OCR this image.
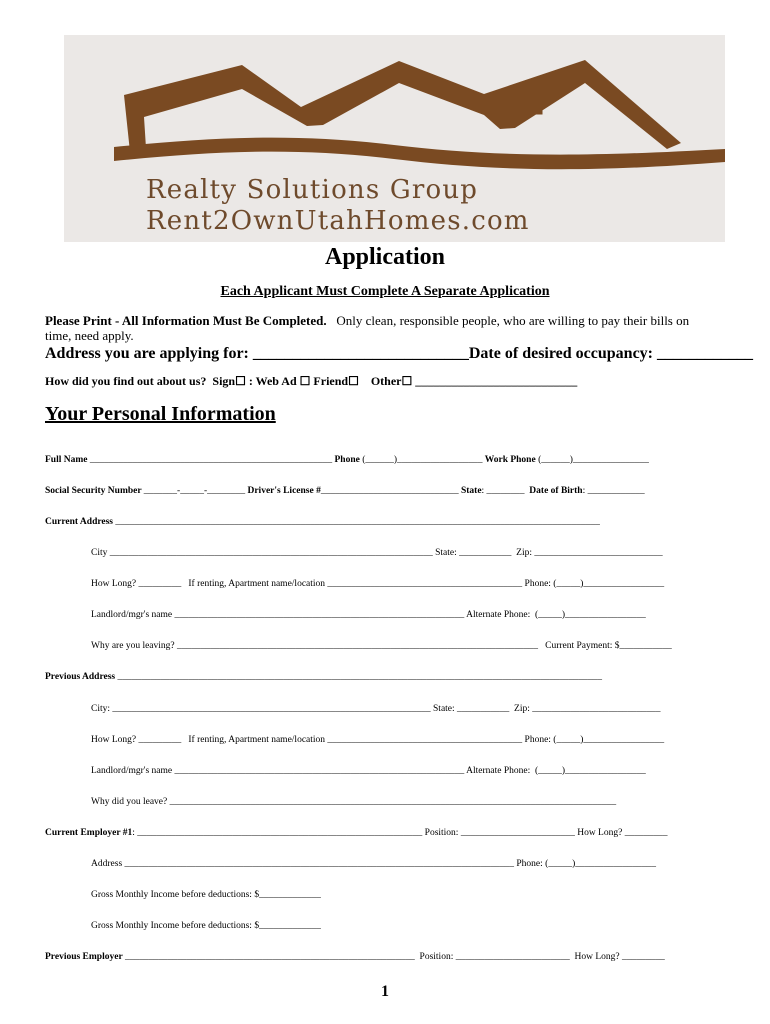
Realty Solutions Group
Rent2OwnUtahHomes.com
Application
Each Applicant Must Complete A Separate Application
Please Print - All Information Must Be Completed. Only clean, responsible people, who are willing to pay their bills on
time, need apply.
Address you are applying for: ___________________________Date of desired occupancy: ____________
How did you find out about us? Sign☐ : Web Ad ☐ Friend☐ Other☐ ___________________________
Your Personal Information
Full Name ___________________________________________________ Phone (______)__________________ Work Phone (______)________________
Social Security Number _______-_____-________ Driver's License #_____________________________ State: ________ Date of Birth: ____________
Current Address ______________________________________________________________________________________________________
City ____________________________________________________________________ State: ___________ Zip: ___________________________
How Long? _________ If renting, Apartment name/location _________________________________________ Phone: (_____)_________________
Landlord/mgr's name _____________________________________________________________ Alternate Phone: (_____)_________________
Why are you leaving? ____________________________________________________________________________ Current Payment: $___________
Previous Address ______________________________________________________________________________________________________
City: ___________________________________________________________________ State: ___________ Zip: ___________________________
How Long? _________ If renting, Apartment name/location _________________________________________ Phone: (_____)_________________
Landlord/mgr's name _____________________________________________________________ Alternate Phone: (_____)_________________
Why did you leave? ______________________________________________________________________________________________
Current Employer #1: ____________________________________________________________ Position: ________________________ How Long? _________
Address __________________________________________________________________________________ Phone: (_____)_________________
Gross Monthly Income before deductions: $_____________
Gross Monthly Income before deductions: $_____________
Previous Employer _____________________________________________________________ Position: ________________________ How Long? _________
1
